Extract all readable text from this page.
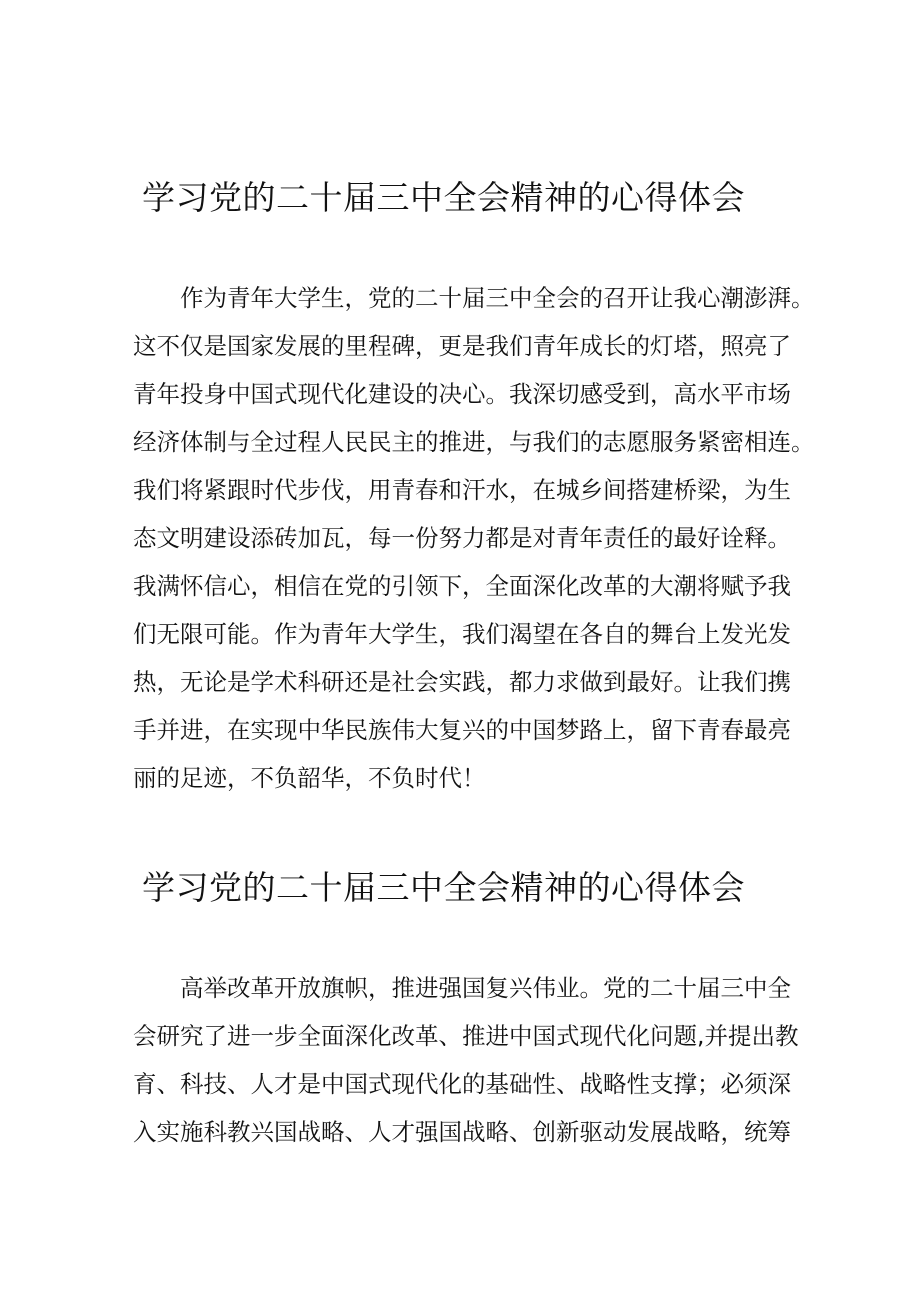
学习党的二十届三中全会精神的心得体会
作为青年大学生，党的二十届三中全会的召开让我心潮澎湃。
这不仅是国家发展的里程碑，更是我们青年成长的灯塔，照亮了
青年投身中国式现代化建设的决心。我深切感受到，高水平市场
经济体制与全过程人民民主的推进，与我们的志愿服务紧密相连。
我们将紧跟时代步伐，用青春和汗水，在城乡间搭建桥梁，为生
态文明建设添砖加瓦，每一份努力都是对青年责任的最好诠释。
我满怀信心，相信在党的引领下，全面深化改革的大潮将赋予我
们无限可能。作为青年大学生，我们渴望在各自的舞台上发光发
热，无论是学术科研还是社会实践，都力求做到最好。让我们携
手并进，在实现中华民族伟大复兴的中国梦路上，留下青春最亮
丽的足迹，不负韶华，不负时代！
学习党的二十届三中全会精神的心得体会
高举改革开放旗帜，推进强国复兴伟业。党的二十届三中全
会研究了进一步全面深化改革、推进中国式现代化问题,并提出教
育、科技、人才是中国式现代化的基础性、战略性支撑；必须深
入实施科教兴国战略、人才强国战略、创新驱动发展战略，统筹
